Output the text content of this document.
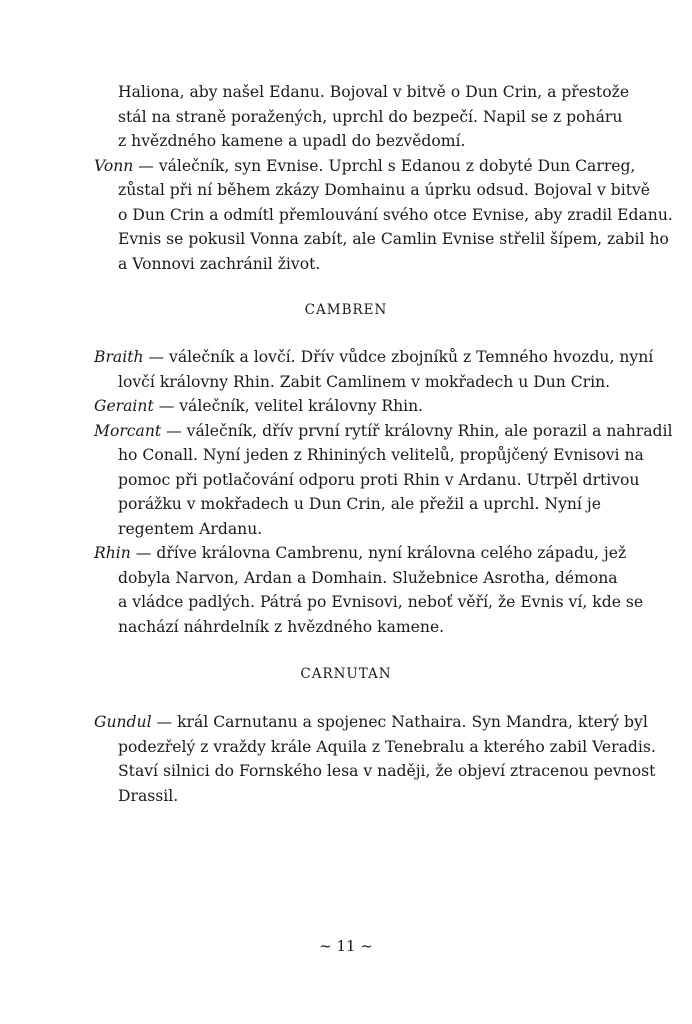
Haliona, aby našel Edanu. Bojoval v bitvě o Dun Crin, a přestože
stál na straně poražených, uprchl do bezpečí. Napil se z poháru
z hvězdného kamene a upadl do bezvědomí.
Vonn — válečník, syn Evnise. Uprchl s Edanou z dobyté Dun Carreg,
zůstal při ní během zkázy Domhainu a úprku odsud. Bojoval v bitvě
o Dun Crin a odmítl přemlouvání svého otce Evnise, aby zradil Edanu.
Evnis se pokusil Vonna zabít, ale Camlin Evnise střelil šípem, zabil ho
a Vonnovi zachránil život.
CAMBREN
Braith — válečník a lovčí. Dřív vůdce zbojníků z Temného hvozdu, nyní
lovčí královny Rhin. Zabit Camlinem v mokřadech u Dun Crin.
Geraint — válečník, velitel královny Rhin.
Morcant — válečník, dřív první rytíř královny Rhin, ale porazil a nahradil
ho Conall. Nyní jeden z Rhininých velitelů, propůjčený Evnisovi na
pomoc při potlačování odporu proti Rhin v Ardanu. Utrpěl drtivou
porážku v mokřadech u Dun Crin, ale přežil a uprchl. Nyní je
regentem Ardanu.
Rhin — dříve královna Cambrenu, nyní královna celého západu, jež
dobyla Narvon, Ardan a Domhain. Služebnice Asrotha, démona
a vládce padlých. Pátrá po Evnisovi, neboť věří, že Evnis ví, kde se
nachází náhrdelník z hvězdného kamene.
CARNUTAN
Gundul — král Carnutanu a spojenec Nathaira. Syn Mandra, který byl
podezřelý z vraždy krále Aquila z Tenebralu a kterého zabil Veradis.
Staví silnici do Fornského lesa v naději, že objeví ztracenou pevnost
Drassil.
~ 11 ~
